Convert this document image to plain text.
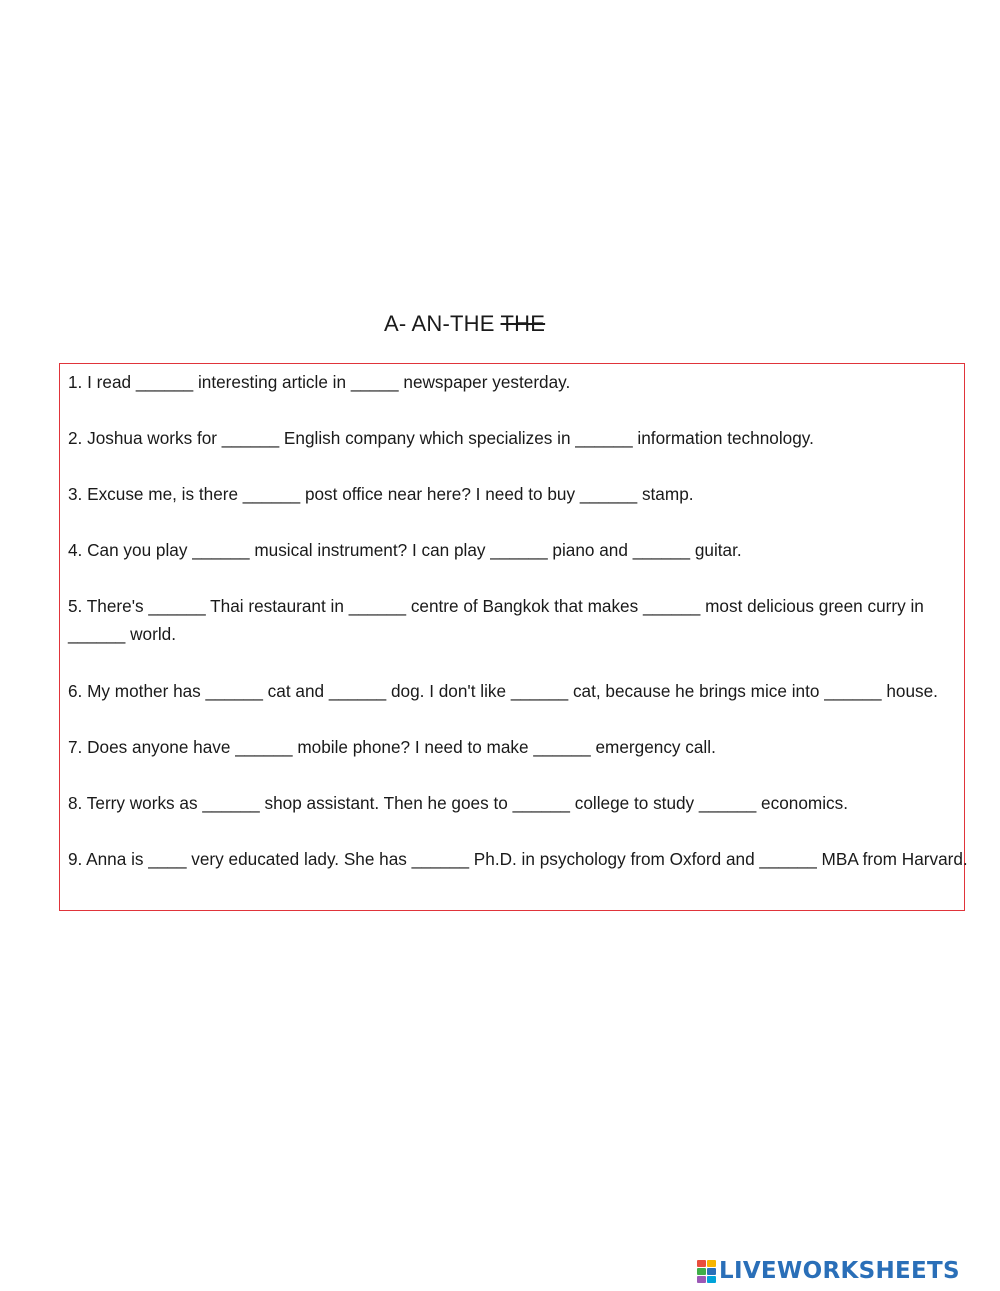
A- AN-THE THE
1. I read ______ interesting article in _____ newspaper yesterday.
2. Joshua works for ______ English company which specializes in ______ information technology.
3. Excuse me, is there ______ post office near here? I need to buy ______ stamp.
4. Can you play ______ musical instrument? I can play ______ piano and ______ guitar.
5. There's ______ Thai restaurant in ______ centre of Bangkok that makes ______ most delicious green curry in ______ world.
6. My mother has ______ cat and ______ dog. I don't like ______ cat, because he brings mice into ______ house.
7. Does anyone have ______ mobile phone? I need to make ______ emergency call.
8. Terry works as ______ shop assistant. Then he goes to ______ college to study ______ economics.
9. Anna is ____ very educated lady. She has ______ Ph.D. in psychology from Oxford and ______ MBA from Harvard.
LIVEWORKSHEETS
